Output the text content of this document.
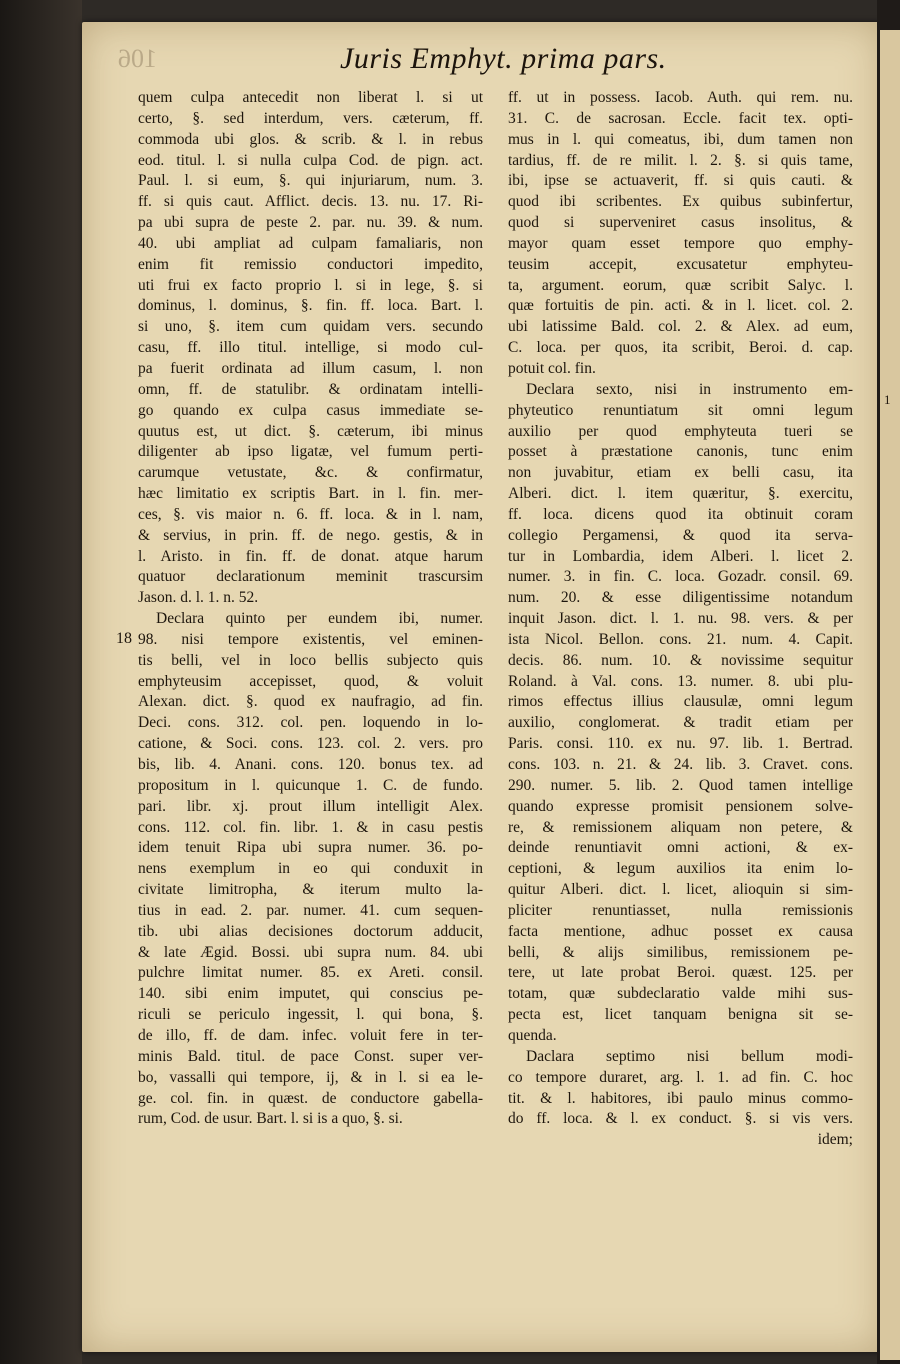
106	Juris Emphyt. prima pars.
18
1
quem culpa antecedit non liberat l. si ut
certo, §. sed interdum, vers. cæterum, ff.
commoda ubi glos. & scrib. & l. in rebus
eod. titul. l. si nulla culpa Cod. de pign. act.
Paul. l. si eum, §. qui injuriarum, num. 3.
ff. si quis caut. Afflict. decis. 13. nu. 17. Ri-
pa ubi supra de peste 2. par. nu. 39. & num.
40. ubi ampliat ad culpam famaliaris, non
enim fit remissio conductori impedito,
uti frui ex facto proprio l. si in lege, §. si
dominus, l. dominus, §. fin. ff. loca. Bart. l.
si uno, §. item cum quidam vers. secundo
casu, ff. illo titul. intellige, si modo cul-
pa fuerit ordinata ad illum casum, l. non
omn, ff. de statulibr. & ordinatam intelli-
go quando ex culpa casus immediate se-
quutus est, ut dict. §. cæterum, ibi minus
diligenter ab ipso ligatæ, vel fumum perti-
carumque vetustate, &c. & confirmatur,
hæc limitatio ex scriptis Bart. in l. fin. mer-
ces, §. vis maior n. 6. ff. loca. & in l. nam,
& servius, in prin. ff. de nego. gestis, & in
l. Aristo. in fin. ff. de donat. atque harum
quatuor declarationum meminit trascursim
Jason. d. l. 1. n. 52.
Declara quinto per eundem ibi, numer.
98. nisi tempore existentis, vel eminen-
tis belli, vel in loco bellis subjecto quis
emphyteusim accepisset, quod, & voluit
Alexan. dict. §. quod ex naufragio, ad fin.
Deci. cons. 312. col. pen. loquendo in lo-
catione, & Soci. cons. 123. col. 2. vers. pro
bis, lib. 4. Anani. cons. 120. bonus tex. ad
propositum in l. quicunque 1. C. de fundo.
pari. libr. xj. prout illum intelligit Alex.
cons. 112. col. fin. libr. 1. & in casu pestis
idem tenuit Ripa ubi supra numer. 36. po-
nens exemplum in eo qui conduxit in
civitate limitropha, & iterum multo la-
tius in ead. 2. par. numer. 41. cum sequen-
tib. ubi alias decisiones doctorum adducit,
& late Ægid. Bossi. ubi supra num. 84. ubi
pulchre limitat numer. 85. ex Areti. consil.
140. sibi enim imputet, qui conscius pe-
riculi se periculo ingessit, l. qui bona, §.
de illo, ff. de dam. infec. voluit fere in ter-
minis Bald. titul. de pace Const. super ver-
bo, vassalli qui tempore, ij, & in l. si ea le-
ge. col. fin. in quæst. de conductore gabella-
rum, Cod. de usur. Bart. l. si is a quo, §. si.
ff. ut in possess. Iacob. Auth. qui rem. nu.
31. C. de sacrosan. Eccle. facit tex. opti-
mus in l. qui comeatus, ibi, dum tamen non
tardius, ff. de re milit. l. 2. §. si quis tame,
ibi, ipse se actuaverit, ff. si quis cauti. &
quod ibi scribentes. Ex quibus subinfertur,
quod si superveniret casus insolitus, &
mayor quam esset tempore quo emphy-
teusim accepit, excusatetur emphyteu-
ta, argument. eorum, quæ scribit Salyc. l.
quæ fortuitis de pin. acti. & in l. licet. col. 2.
ubi latissime Bald. col. 2. & Alex. ad eum,
C. loca. per quos, ita scribit, Beroi. d. cap.
potuit col. fin.
Declara sexto, nisi in instrumento em-
phyteutico renuntiatum sit omni legum
auxilio per quod emphyteuta tueri se
posset à præstatione canonis, tunc enim
non juvabitur, etiam ex belli casu, ita
Alberi. dict. l. item quæritur, §. exercitu,
ff. loca. dicens quod ita obtinuit coram
collegio Pergamensi, & quod ita serva-
tur in Lombardia, idem Alberi. l. licet 2.
numer. 3. in fin. C. loca. Gozadr. consil. 69.
num. 20. & esse diligentissime notandum
inquit Jason. dict. l. 1. nu. 98. vers. & per
ista Nicol. Bellon. cons. 21. num. 4. Capit.
decis. 86. num. 10. & novissime sequitur
Roland. à Val. cons. 13. numer. 8. ubi plu-
rimos effectus illius clausulæ, omni legum
auxilio, conglomerat. & tradit etiam per
Paris. consi. 110. ex nu. 97. lib. 1. Bertrad.
cons. 103. n. 21. & 24. lib. 3. Cravet. cons.
290. numer. 5. lib. 2. Quod tamen intellige
quando expresse promisit pensionem solve-
re, & remissionem aliquam non petere, &
deinde renuntiavit omni actioni, & ex-
ceptioni, & legum auxilios ita enim lo-
quitur Alberi. dict. l. licet, alioquin si sim-
pliciter renuntiasset, nulla remissionis
facta mentione, adhuc posset ex causa
belli, & alijs similibus, remissionem pe-
tere, ut late probat Beroi. quæst. 125. per
totam, quæ subdeclaratio valde mihi sus-
pecta est, licet tanquam benigna sit se-
quenda.
Daclara septimo nisi bellum modi-
co tempore duraret, arg. l. 1. ad fin. C. hoc
tit. & l. habitores, ibi paulo minus commo-
do ff. loca. & l. ex conduct. §. si vis vers.
idem;
